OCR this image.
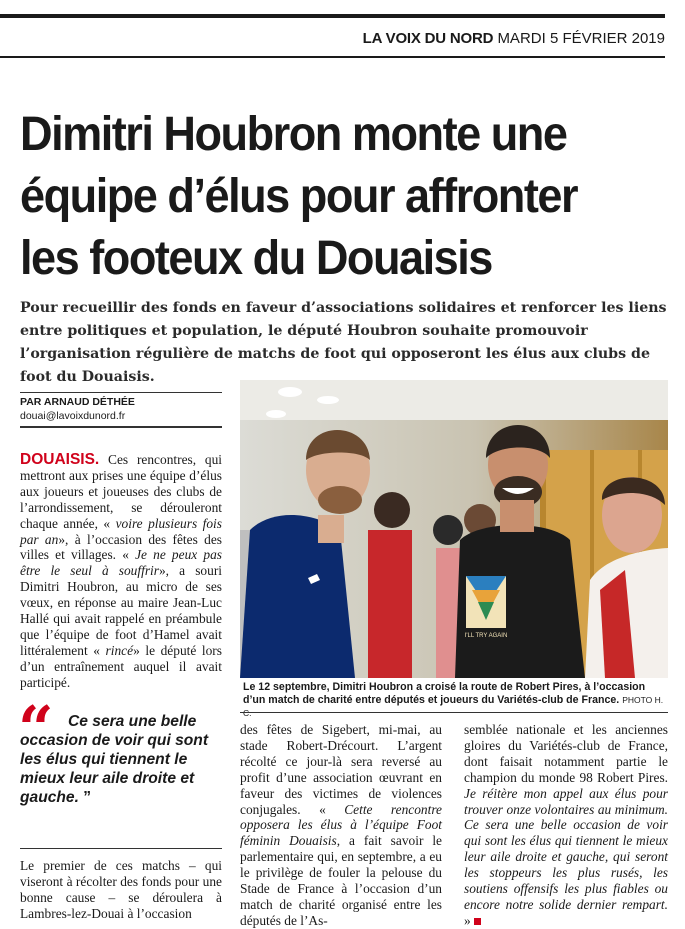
LA VOIX DU NORD MARDI 5 FÉVRIER 2019
Dimitri Houbron monte une
équipe d’élus pour affronter
les footeux du Douaisis

Pour recueillir des fonds en faveur d’associations solidaires et renforcer les liens entre politiques et population, le député Houbron souhaite promouvoir l’organisation régulière de matchs de foot qui opposeront les élus aux clubs de foot du Douaisis.

PAR ARNAUD DÉTHÉE
douai@lavoixdunord.fr

DOUAISIS. Ces rencontres, qui mettront aux prises une équipe d’élus aux joueurs et joueuses des clubs de l’arrondissement, se dérouleront chaque année, « voire plusieurs fois par an», à l’occasion des fêtes des villes et villages. « Je ne peux pas être le seul à souffrir», a souri Dimitri Houbron, au micro de ses vœux, en réponse au maire Jean-Luc Hallé qui avait rappelé en préambule que l’équipe de foot d’Hamel avait littéralement « rincé» le député lors d’un entraînement auquel il avait participé.

“ Ce sera une belle occasion de voir qui sont les élus qui tiennent le mieux leur aile droite et gauche. ”

Le premier de ces matchs – qui viseront à récolter des fonds pour une bonne cause – se déroulera à Lambres-lez-Douai à l’occasion

I'LL TRY AGAIN
Le 12 septembre, Dimitri Houbron a croisé la route de Robert Pires, à l’occasion d’un match de charité entre députés et joueurs du Variétés-club de France. PHOTO H. C.

des fêtes de Sigebert, mi-mai, au stade Robert-Drécourt. L’argent récolté ce jour-là sera reversé au profit d’une association œuvrant en faveur des victimes de violences conjugales. « Cette rencontre opposera les élus à l’équipe Foot féminin Douaisis, a fait savoir le parlementaire qui, en septembre, a eu le privilège de fouler la pelouse du Stade de France à l’occasion d’un match de charité organisé entre les députés de l’As-

semblée nationale et les anciennes gloires du Variétés-club de France, dont faisait notamment partie le champion du monde 98 Robert Pires. Je réitère mon appel aux élus pour trouver onze volontaires au minimum. Ce sera une belle occasion de voir qui sont les élus qui tiennent le mieux leur aile droite et gauche, qui seront les stoppeurs les plus rusés, les soutiens offensifs les plus fiables ou encore notre solide dernier rempart. »
